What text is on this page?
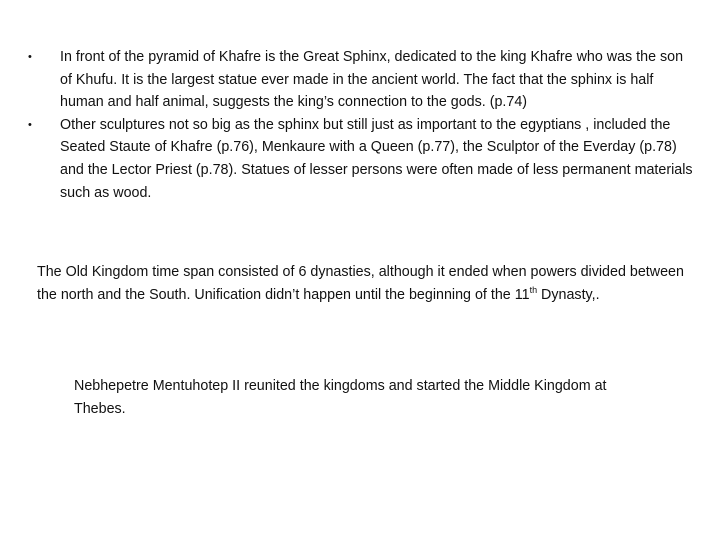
•	In front of the pyramid of Khafre is the Great Sphinx, dedicated to the king Khafre who was the son of Khufu. It is the largest statue ever made in the ancient world. The fact that the sphinx is half human and half animal, suggests the king’s connection to the gods. (p.74)
•	Other sculptures not so big as the sphinx but still just as important to the egyptians , included the Seated Staute of Khafre (p.76), Menkaure with a Queen (p.77), the Sculptor of the Everday (p.78) and the Lector Priest (p.78). Statues of lesser persons were often made of less permanent materials such as wood.

The Old Kingdom time span consisted of 6 dynasties, although it ended when powers divided between the north and the South. Unification didn’t happen until the beginning of the 11th Dynasty,.

Nebhepetre Mentuhotep II reunited the kingdoms and started the Middle Kingdom at Thebes.
